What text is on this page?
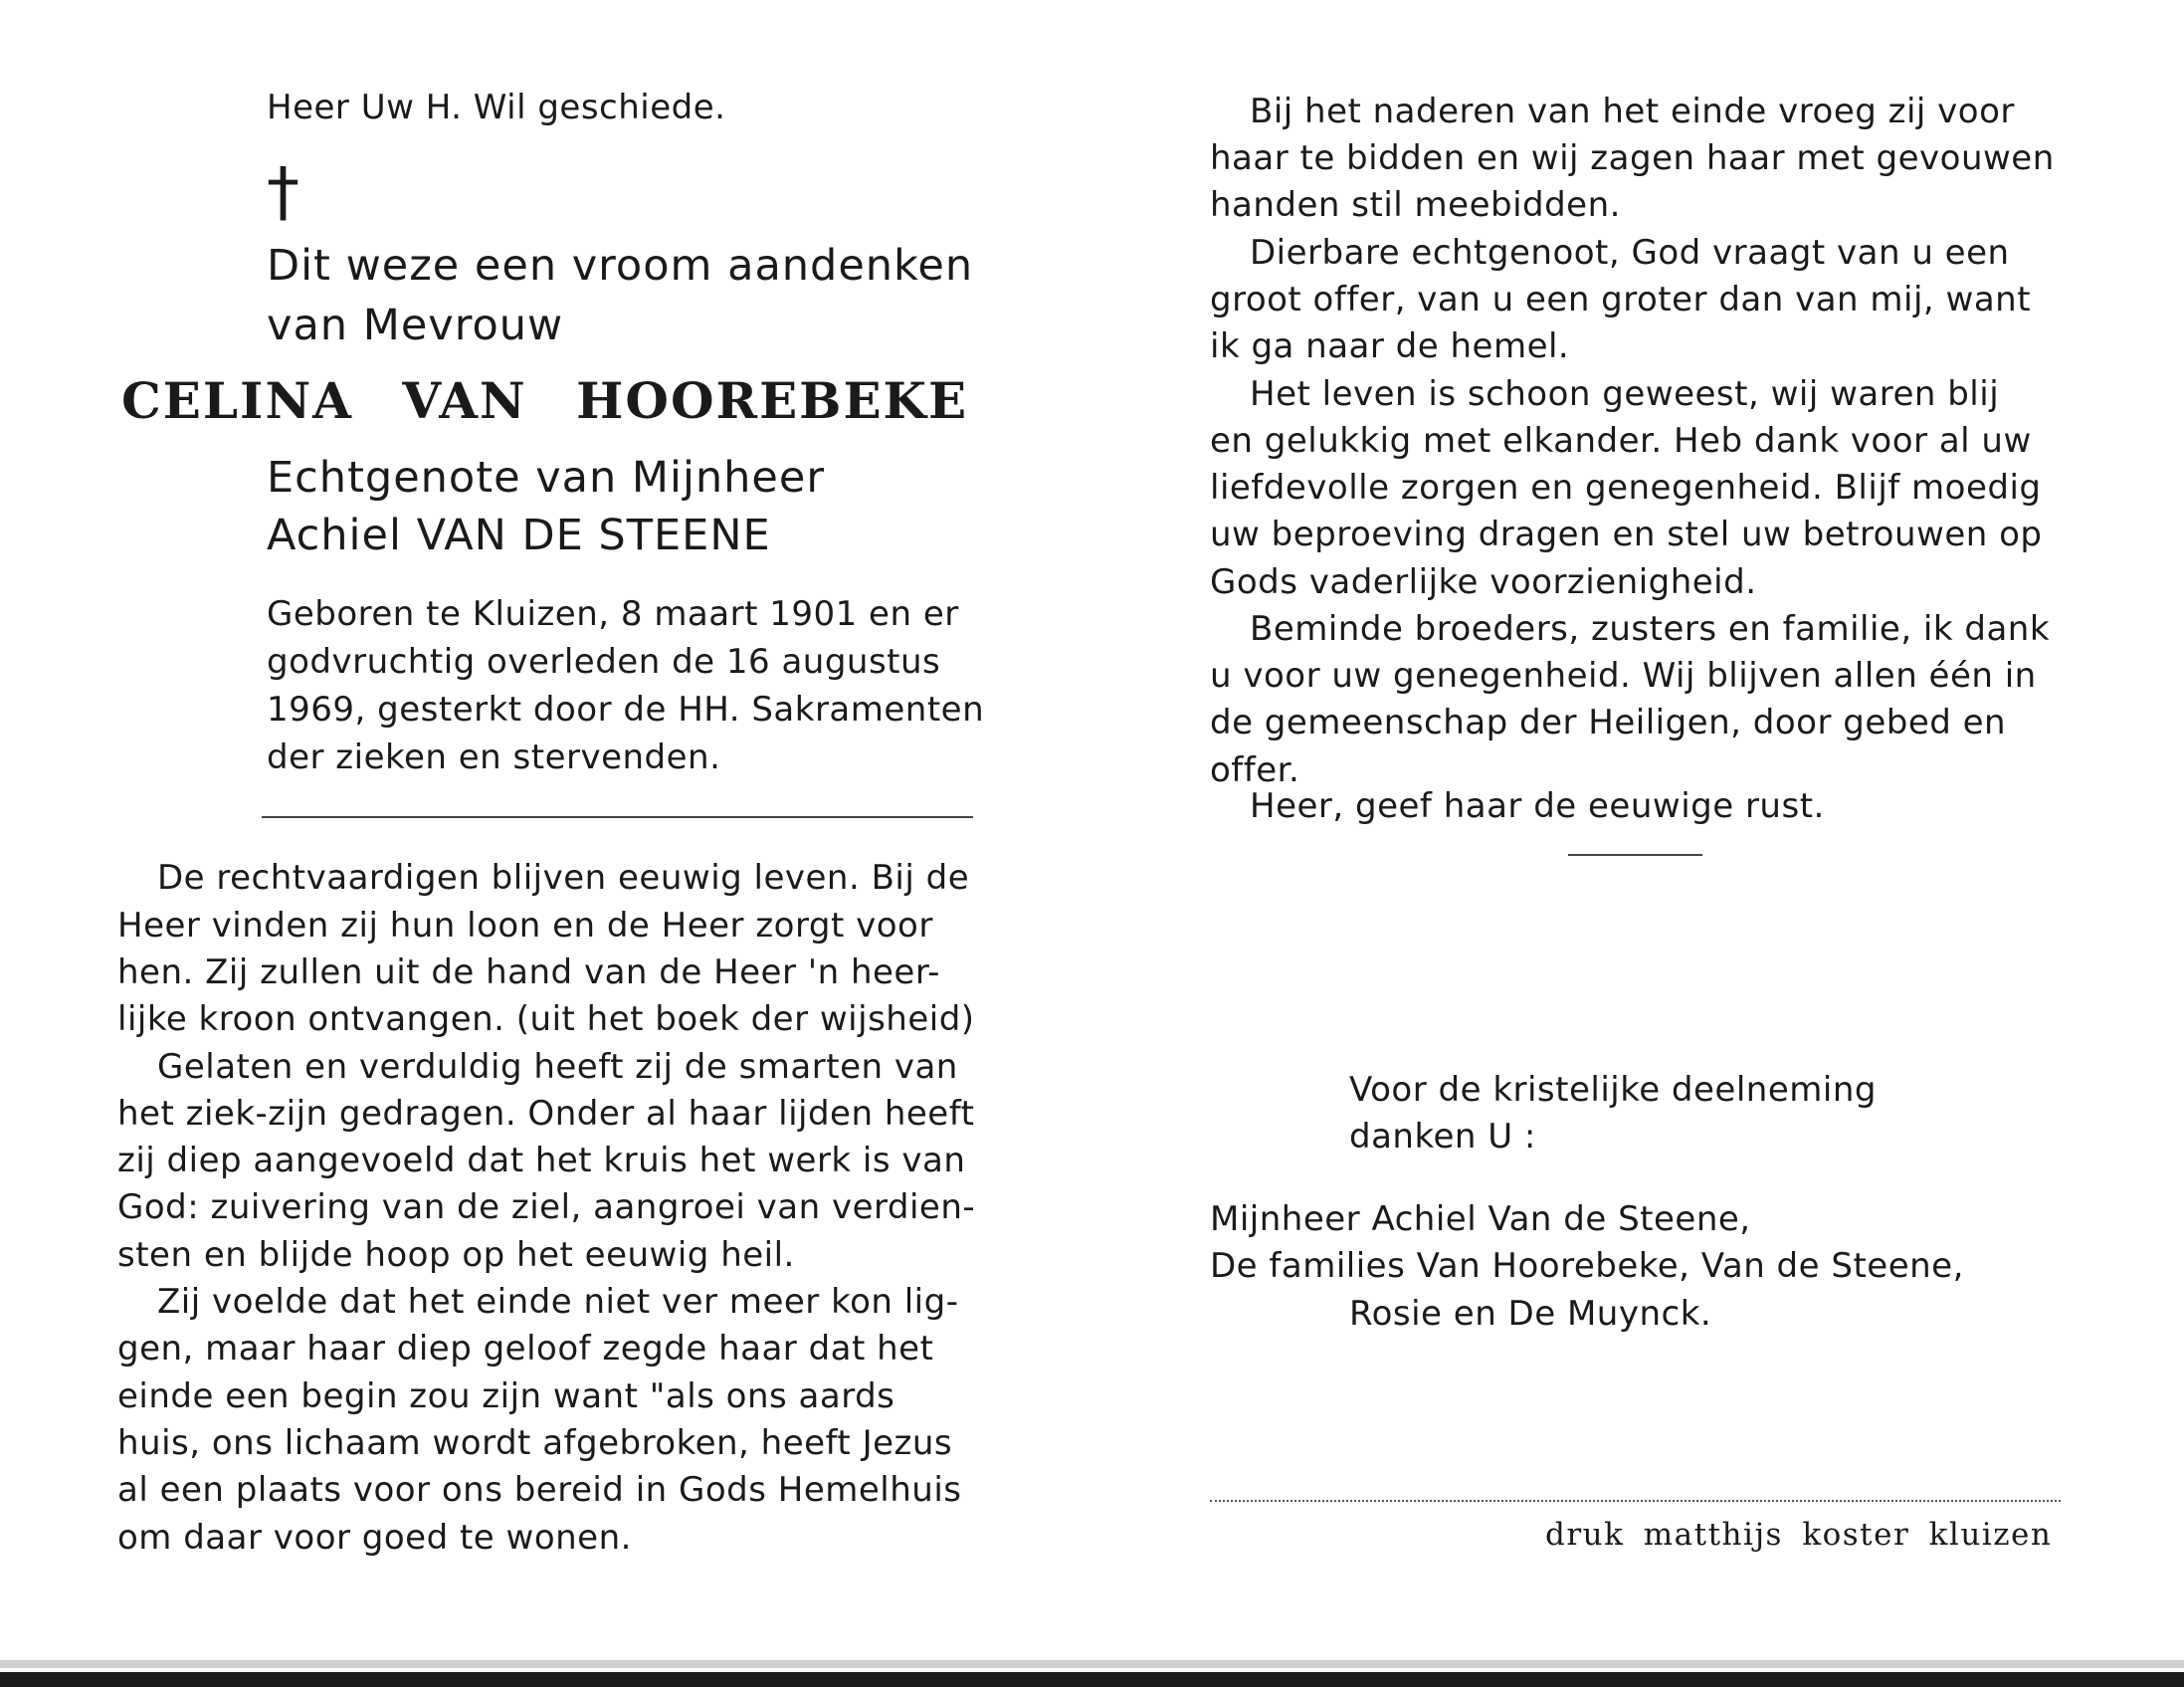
Heer Uw H. Wil geschiede.
†
Dit weze een vroom aandenken
van Mevrouw
CELINA VAN HOOREBEKE
Echtgenote van Mijnheer
Achiel VAN DE STEENE
Geboren te Kluizen, 8 maart 1901 en er
godvruchtig overleden de 16 augustus
1969, gesterkt door de HH. Sakramenten
der zieken en stervenden.
De rechtvaardigen blijven eeuwig leven. Bij de
Heer vinden zij hun loon en de Heer zorgt voor
hen. Zij zullen uit de hand van de Heer 'n heer-
lijke kroon ontvangen. (uit het boek der wijsheid)
Gelaten en verduldig heeft zij de smarten van
het ziek-zijn gedragen. Onder al haar lijden heeft
zij diep aangevoeld dat het kruis het werk is van
God: zuivering van de ziel, aangroei van verdien-
sten en blijde hoop op het eeuwig heil.
Zij voelde dat het einde niet ver meer kon lig-
gen, maar haar diep geloof zegde haar dat het
einde een begin zou zijn want "als ons aards
huis, ons lichaam wordt afgebroken, heeft Jezus
al een plaats voor ons bereid in Gods Hemelhuis
om daar voor goed te wonen.
Bij het naderen van het einde vroeg zij voor
haar te bidden en wij zagen haar met gevouwen
handen stil meebidden.
Dierbare echtgenoot, God vraagt van u een
groot offer, van u een groter dan van mij, want
ik ga naar de hemel.
Het leven is schoon geweest, wij waren blij
en gelukkig met elkander. Heb dank voor al uw
liefdevolle zorgen en genegenheid. Blijf moedig
uw beproeving dragen en stel uw betrouwen op
Gods vaderlijke voorzienigheid.
Beminde broeders, zusters en familie, ik dank
u voor uw genegenheid. Wij blijven allen één in
de gemeenschap der Heiligen, door gebed en
offer.
Heer, geef haar de eeuwige rust.
Voor de kristelijke deelneming
danken U :
Mijnheer Achiel Van de Steene,
De families Van Hoorebeke, Van de Steene,
Rosie en De Muynck.
druk matthijs koster kluizen
